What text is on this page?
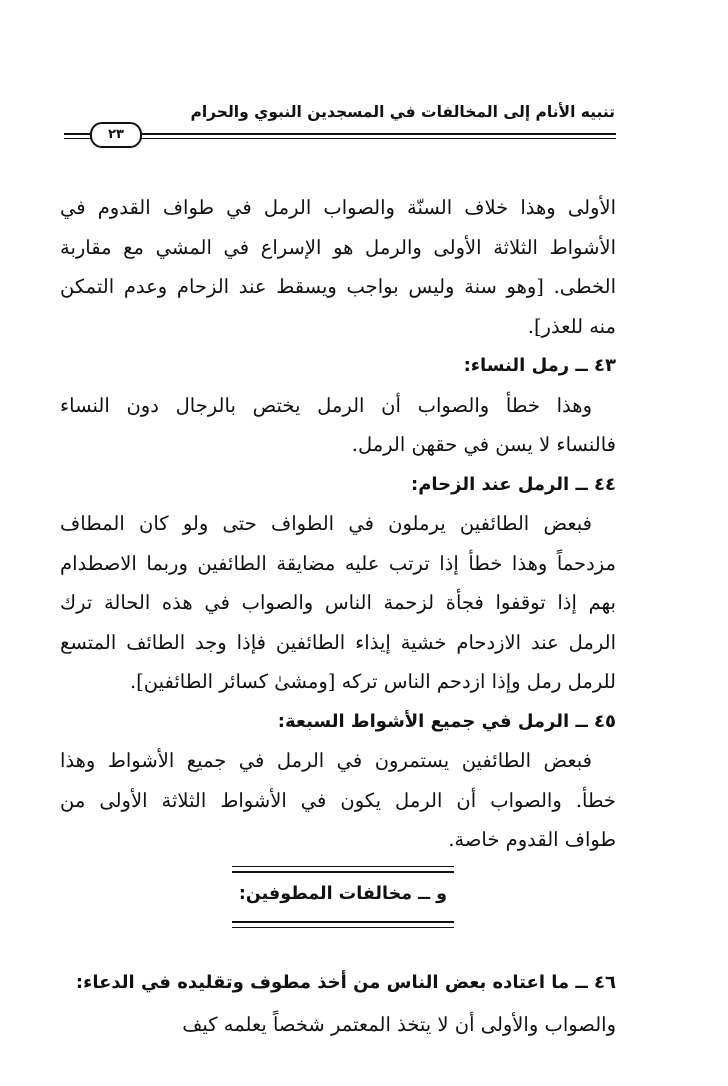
تنبيه الأنام إلى المخالفات في المسجدين النبوي والحرام
٢٣
الأولى وهذا خلاف السنّة والصواب الرمل في طواف القدوم في
الأشواط الثلاثة الأولى والرمل هو الإسراع في المشي مع مقاربة
الخطى. [وهو سنة وليس بواجب ويسقط عند الزحام وعدم التمكن
منه للعذر].
٤٣ ــ رمل النساء:
وهذا خطأ والصواب أن الرمل يختص بالرجال دون النساء
فالنساء لا يسن في حقهن الرمل.
٤٤ ــ الرمل عند الزحام:
فبعض الطائفين يرملون في الطواف حتى ولو كان المطاف
مزدحماً وهذا خطأ إذا ترتب عليه مضايقة الطائفين وربما الاصطدام
بهم إذا توقفوا فجأة لزحمة الناس والصواب في هذه الحالة ترك
الرمل عند الازدحام خشية إيذاء الطائفين فإذا وجد الطائف المتسع
للرمل رمل وإذا ازدحم الناس تركه [ومشىٰ كسائر الطائفين].
٤٥ ــ الرمل في جميع الأشواط السبعة:
فبعض الطائفين يستمرون في الرمل في جميع الأشواط وهذا
خطأ. والصواب أن الرمل يكون في الأشواط الثلاثة الأولى من
طواف القدوم خاصة.
و ــ مخالفات المطوفين:
٤٦ ــ ما اعتاده بعض الناس من أخذ مطوف وتقليده في الدعاء:
والصواب والأولى أن لا يتخذ المعتمر شخصاً يعلمه كيف
